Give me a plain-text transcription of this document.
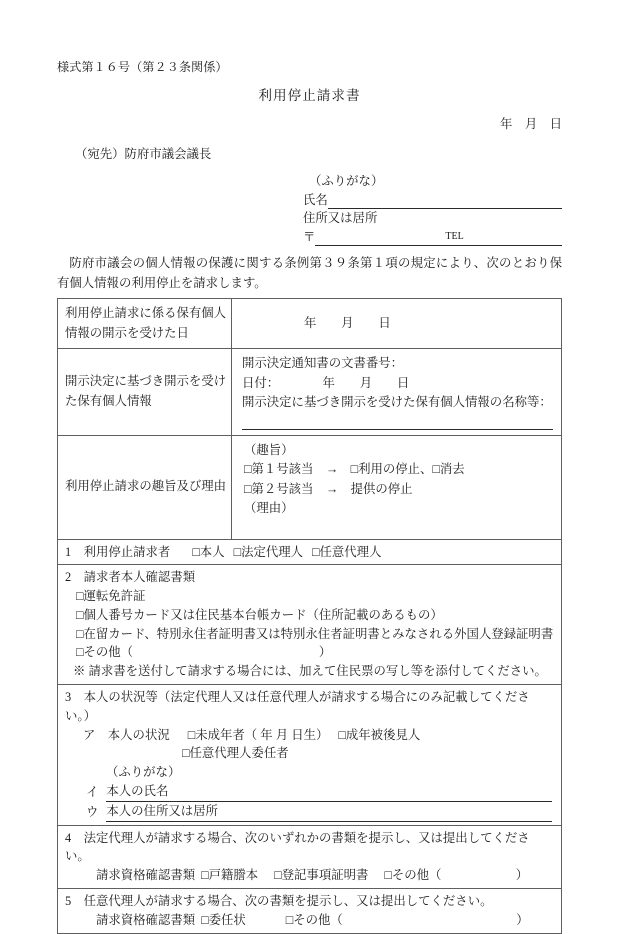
様式第１６号（第２３条関係）
利用停止請求書
年　月　日
（宛先）防府市議会議長
（ふりがな）
氏名
住所又は居所
〒	TEL
防府市議会の個人情報の保護に関する条例第３９条第１項の規定により、次のとおり保有個人情報の利用停止を請求します。
利用停止請求に係る保有個人情報の開示を受けた日
年　　月　　日
開示決定に基づき開示を受けた保有個人情報
開示決定通知書の文書番号：
日付：　　　　年　　月　　日
開示決定に基づき開示を受けた保有個人情報の名称等：
利用停止請求の趣旨及び理由
（趣旨）
□第１号該当　→　□利用の停止、□消去
□第２号該当　→　提供の停止
（理由）
1　利用停止請求者 □本人 □法定代理人 □任意代理人
2　請求者本人確認書類
□運転免許証
□個人番号カード又は住民基本台帳カード（住所記載のあるもの）
□在留カード、特別永住者証明書又は特別永住者証明書とみなされる外国人登録証明書
□その他（　　　　　　　　　　　　　　　）
※ 請求書を送付して請求する場合には、加えて住民票の写し等を添付してください。
3　本人の状況等（法定代理人又は任意代理人が請求する場合にのみ記載してください。）
ア　本人の状況 □未成年者（ 年 月 日生） □成年被後見人
□任意代理人委任者
（ふりがな）
イ 本人の氏名
ウ 本人の住所又は居所
4　法定代理人が請求する場合、次のいずれかの書類を提示し、又は提出してください。
請求資格確認書類 □戸籍謄本 □登記事項証明書 □その他（　　　　　　）
5　任意代理人が請求する場合、次の書類を提示し、又は提出してください。
請求資格確認書類 □委任状	□その他（　　　　　　　　　　　　　　）
